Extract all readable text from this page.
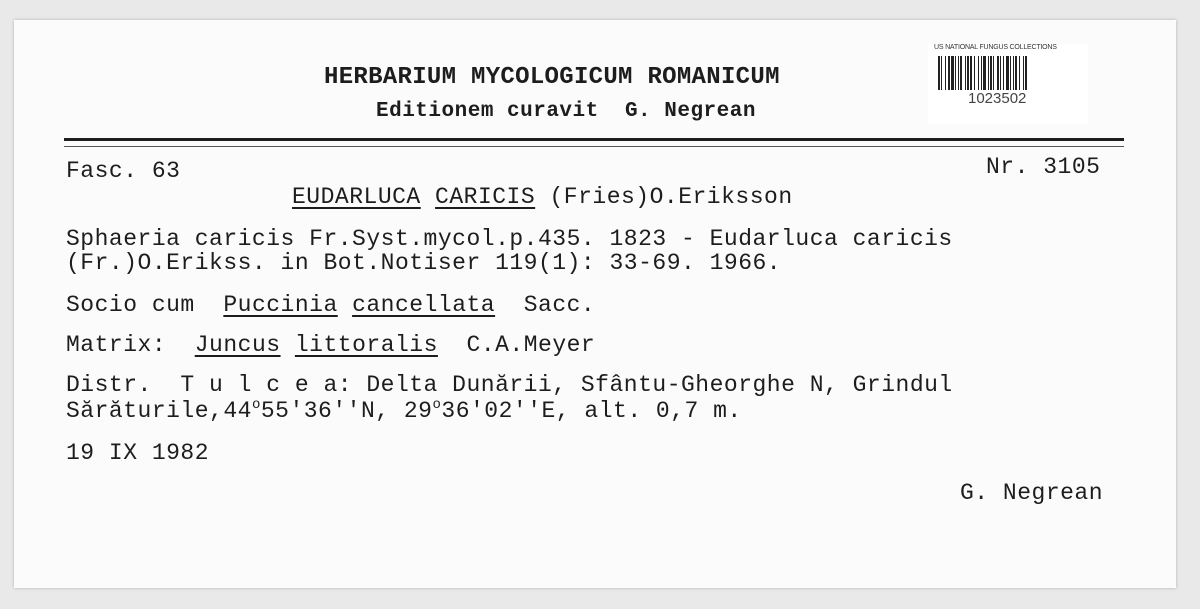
HERBARIUM MYCOLOGICUM ROMANICUM
Editionem curavit  G. Negrean
US NATIONAL FUNGUS COLLECTIONS
1023502
Fasc. 63	Nr. 3105
EUDARLUCA CARICIS (Fries)O.Eriksson
Sphaeria caricis Fr.Syst.mycol.p.435. 1823 - Eudarluca caricis
(Fr.)O.Erikss. in Bot.Notiser 119(1): 33-69. 1966.
Socio cum Puccinia cancellata Sacc.
Matrix: Juncus littoralis C.A.Meyer
Distr.  T u l c e a: Delta Dunării, Sfântu-Gheorghe N, Grindul
Sărăturile,44$^o$55'36''N, 29$^o$36'02''E, alt. 0,7 m.
19 IX 1982
G. Negrean
